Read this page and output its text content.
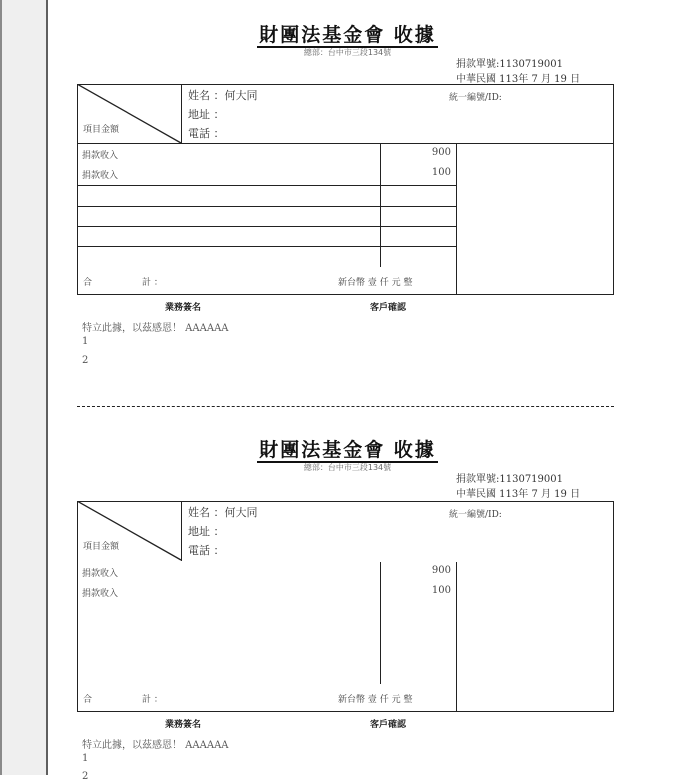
財團法基金會 收據
總部：台中市三段134號
捐款單號:1130719001
中華民國 113年 7 月 19 日
項目金額
姓名 ：何大同
地址 ：
電話 ：
統一編號/ID:
捐款收入	900
捐款收入	100
合	計 ：	新台幣 壹 仟 元 整
業務簽名	客戶確認
特立此據，以茲感恩！ AAAAAA
1
2
財團法基金會 收據
總部：台中市三段134號
捐款單號:1130719001
中華民國 113年 7 月 19 日
項目金額
姓名 ：何大同
地址 ：
電話 ：
統一編號/ID:
捐款收入	900
捐款收入	100
合	計 ：	新台幣 壹 仟 元 整
業務簽名	客戶確認
特立此據，以茲感恩！ AAAAAA
1
2
